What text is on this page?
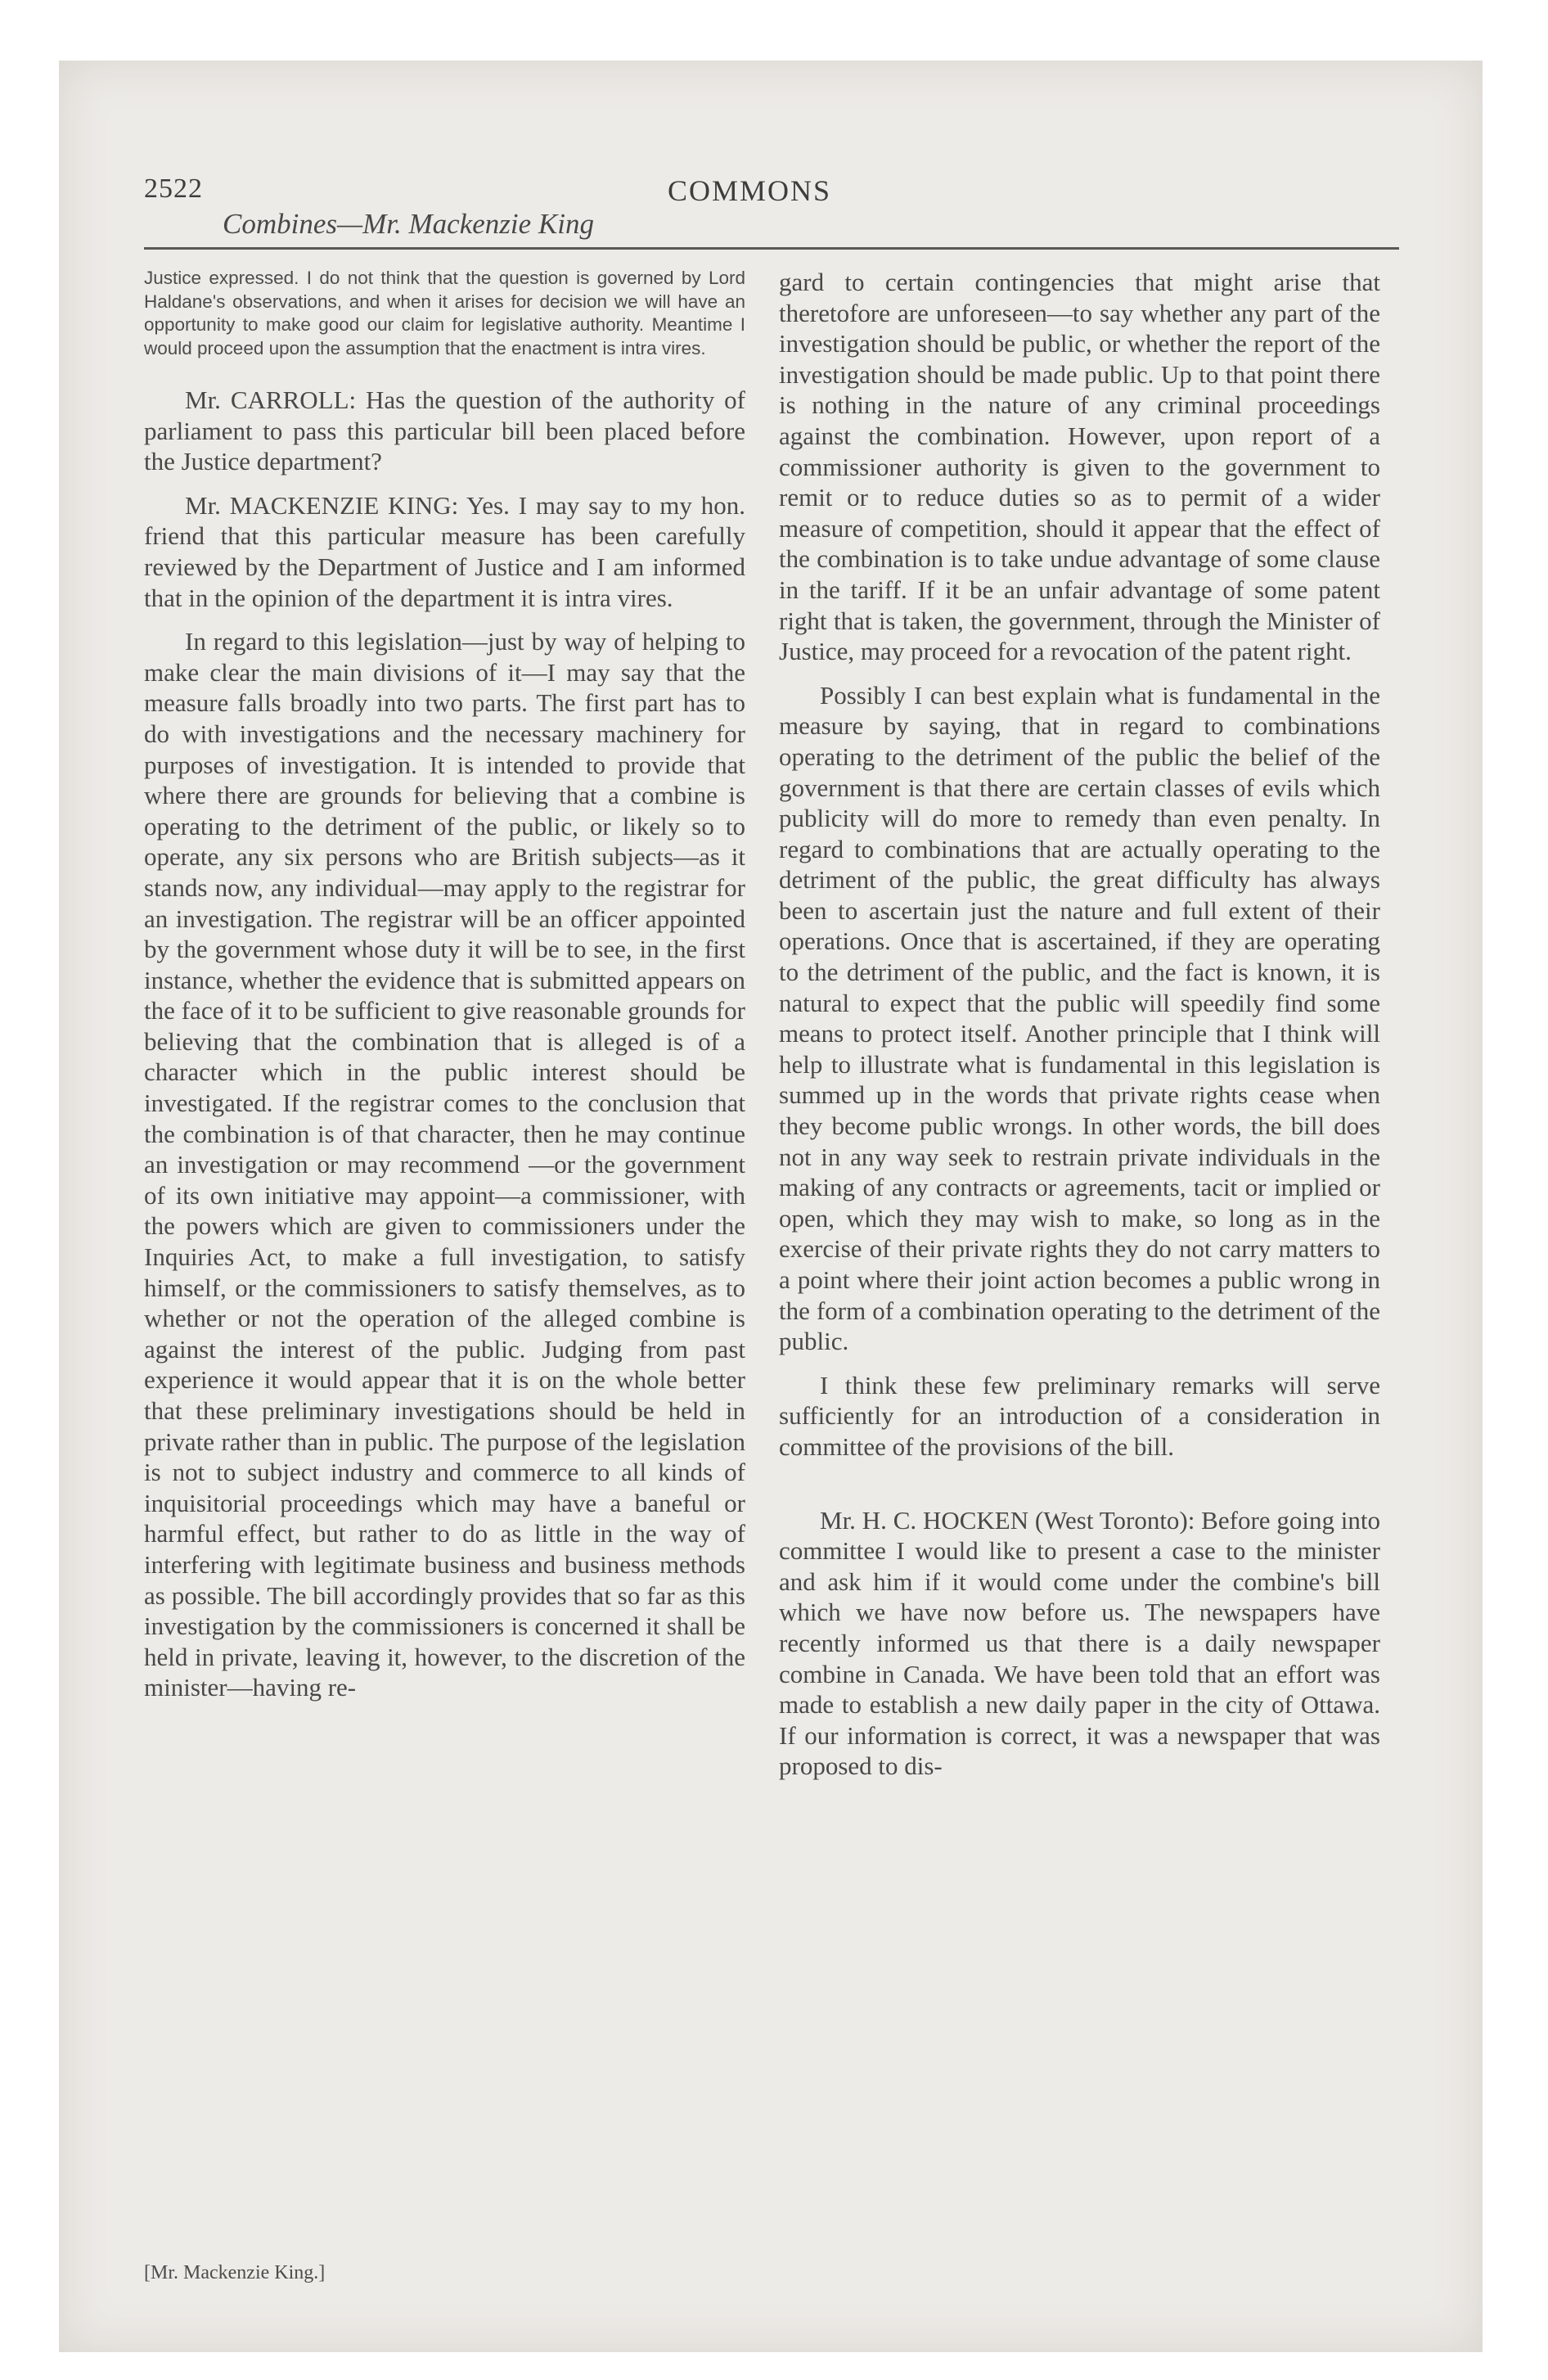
2522	COMMONS
Combines—Mr. Mackenzie King

Justice expressed. I do not think that the question is governed by Lord Haldane's observations, and when it arises for decision we will have an opportunity to make good our claim for legislative authority. Meantime I would proceed upon the assumption that the enactment is intra vires.

Mr. CARROLL: Has the question of the authority of parliament to pass this particular bill been placed before the Justice department?

Mr. MACKENZIE KING: Yes. I may say to my hon. friend that this particular measure has been carefully reviewed by the Department of Justice and I am informed that in the opinion of the department it is intra vires.

In regard to this legislation—just by way of helping to make clear the main divisions of it—I may say that the measure falls broadly into two parts. The first part has to do with investigations and the necessary machinery for purposes of investigation. It is intended to provide that where there are grounds for believing that a combine is operating to the detriment of the public, or likely so to operate, any six persons who are British subjects—as it stands now, any individual—may apply to the registrar for an investigation. The registrar will be an officer appointed by the government whose duty it will be to see, in the first instance, whether the evidence that is submitted appears on the face of it to be sufficient to give reasonable grounds for believing that the combination that is alleged is of a character which in the public interest should be investigated. If the registrar comes to the conclusion that the combination is of that character, then he may continue an investigation or may recommend —or the government of its own initiative may appoint—a commissioner, with the powers which are given to commissioners under the Inquiries Act, to make a full investigation, to satisfy himself, or the commissioners to satisfy themselves, as to whether or not the operation of the alleged combine is against the interest of the public. Judging from past experience it would appear that it is on the whole better that these preliminary investigations should be held in private rather than in public. The purpose of the legislation is not to subject industry and commerce to all kinds of inquisitorial proceedings which may have a baneful or harmful effect, but rather to do as little in the way of interfering with legitimate business and business methods as possible. The bill accordingly provides that so far as this investigation by the commissioners is concerned it shall be held in private, leaving it, however, to the discretion of the minister—having re-

gard to certain contingencies that might arise that theretofore are unforeseen—to say whether any part of the investigation should be public, or whether the report of the investigation should be made public. Up to that point there is nothing in the nature of any criminal proceedings against the combination. However, upon report of a commissioner authority is given to the government to remit or to reduce duties so as to permit of a wider measure of competition, should it appear that the effect of the combination is to take undue advantage of some clause in the tariff. If it be an unfair advantage of some patent right that is taken, the government, through the Minister of Justice, may proceed for a revocation of the patent right.

Possibly I can best explain what is fundamental in the measure by saying, that in regard to combinations operating to the detriment of the public the belief of the government is that there are certain classes of evils which publicity will do more to remedy than even penalty. In regard to combinations that are actually operating to the detriment of the public, the great difficulty has always been to ascertain just the nature and full extent of their operations. Once that is ascertained, if they are operating to the detriment of the public, and the fact is known, it is natural to expect that the public will speedily find some means to protect itself. Another principle that I think will help to illustrate what is fundamental in this legislation is summed up in the words that private rights cease when they become public wrongs. In other words, the bill does not in any way seek to restrain private individuals in the making of any contracts or agreements, tacit or implied or open, which they may wish to make, so long as in the exercise of their private rights they do not carry matters to a point where their joint action becomes a public wrong in the form of a combination operating to the detriment of the public.

I think these few preliminary remarks will serve sufficiently for an introduction of a consideration in committee of the provisions of the bill.

Mr. H. C. HOCKEN (West Toronto): Before going into committee I would like to present a case to the minister and ask him if it would come under the combine's bill which we have now before us. The newspapers have recently informed us that there is a daily newspaper combine in Canada. We have been told that an effort was made to establish a new daily paper in the city of Ottawa. If our information is correct, it was a newspaper that was proposed to dis-

[Mr. Mackenzie King.]
